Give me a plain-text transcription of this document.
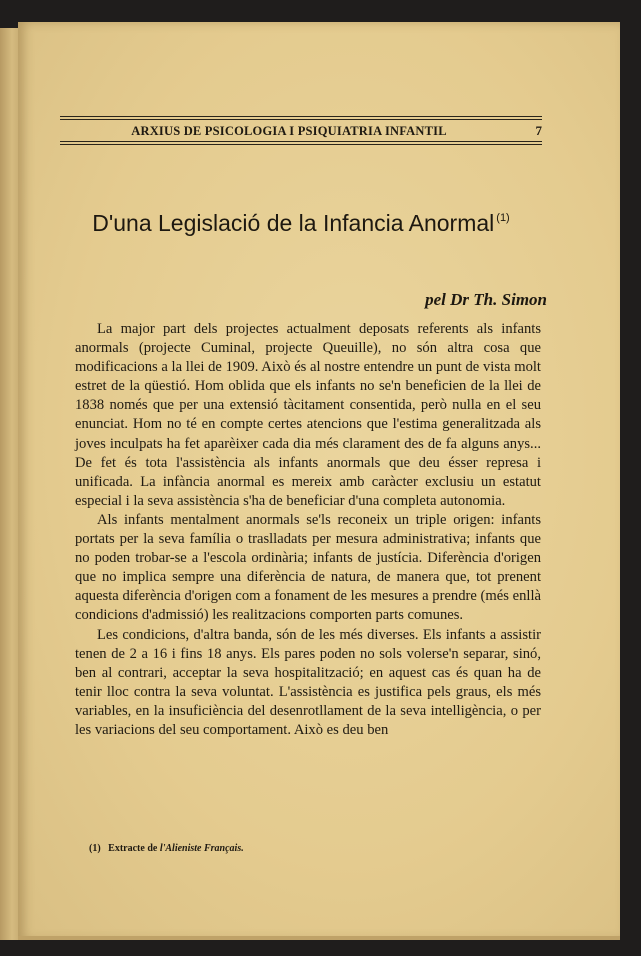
ARXIUS DE PSICOLOGIA I PSIQUIATRIA INFANTIL	7
D'una Legislació de la Infancia Anormal $^{(1)}$
pel Dr Th. Simon

La major part dels projectes actualment deposats referents als infants anormals (projecte Cuminal, projecte Queuille), no són altra cosa que modificacions a la llei de 1909. Això és al nostre entendre un punt de vista molt estret de la qüestió. Hom oblida que els infants no se'n beneficien de la llei de 1838 només que per una extensió tàcitament consentida, però nulla en el seu enunciat. Hom no té en compte certes atencions que l'estima generalitzada als joves inculpats ha fet aparèixer cada dia més clarament des de fa alguns anys... De fet és tota l'assistència als infants anormals que deu ésser represa i unificada. La infància anormal es mereix amb caràcter exclusiu un estatut especial i la seva assistència s'ha de beneficiar d'una completa autonomia.

Als infants mentalment anormals se'ls reconeix un triple origen: infants portats per la seva família o traslladats per mesura administrativa; infants que no poden trobar-se a l'escola ordinària; infants de justícia. Diferència d'origen que no implica sempre una diferència de natura, de manera que, tot prenent aquesta diferència d'origen com a fonament de les mesures a prendre (més enllà condicions d'admissió) les realitzacions comporten parts comunes.

Les condicions, d'altra banda, són de les més diverses. Els infants a assistir tenen de 2 a 16 i fins 18 anys. Els pares poden no sols volerse'n separar, sinó, ben al contrari, acceptar la seva hospitalització; en aquest cas és quan ha de tenir lloc contra la seva voluntat. L'assistència es justifica pels graus, els més variables, en la insuficiència del desenrotllament de la seva intelligència, o per les variacions del seu comportament. Això es deu ben

(1) Extracte de l'Alieniste Français.
